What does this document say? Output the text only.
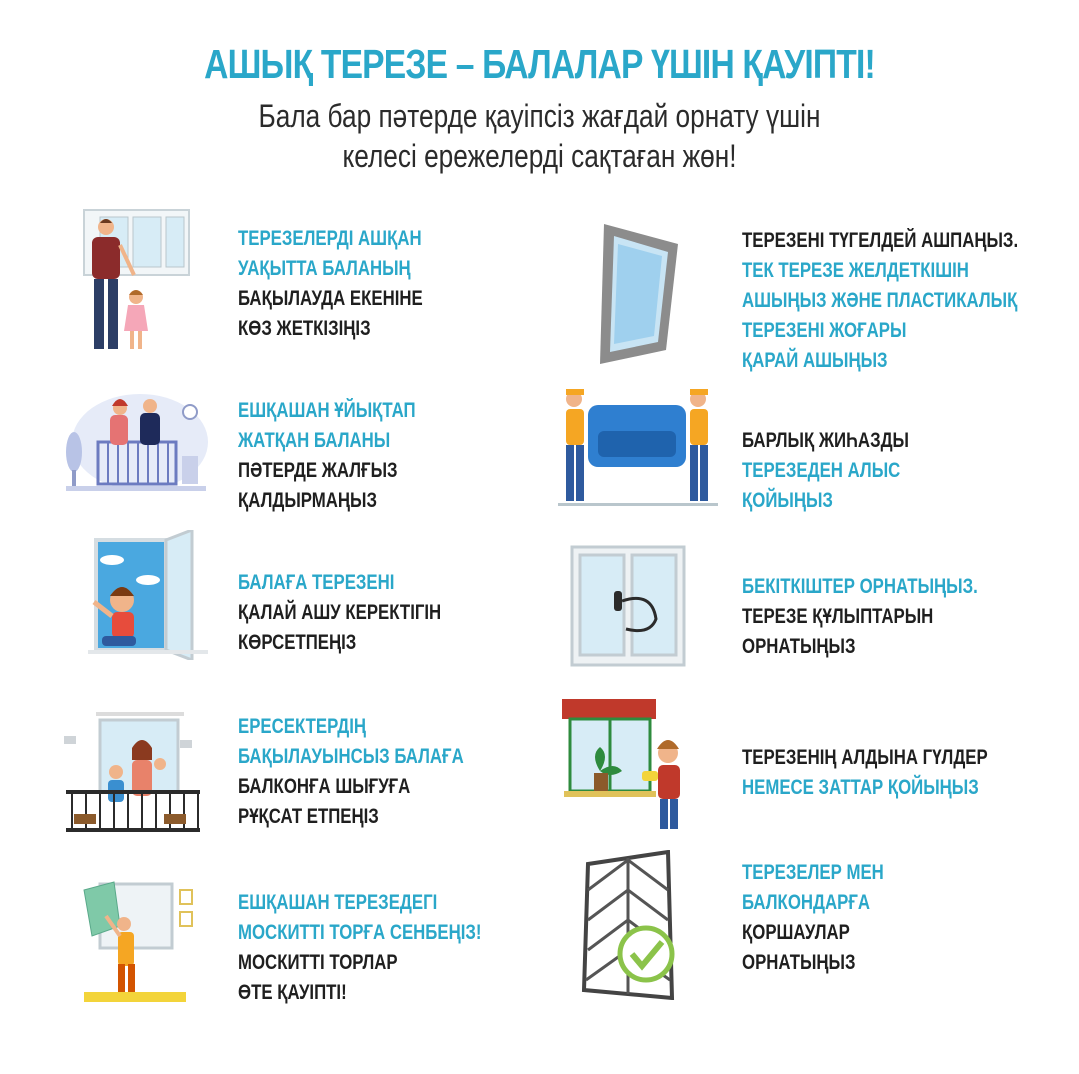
АШЫҚ ТЕРЕЗЕ – БАЛАЛАР ҮШІН ҚАУІПТІ!
Бала бар пәтерде қауіпсіз жағдай орнату үшін
келесі ережелерді сақтаған жөн!
ТЕРЕЗЕЛЕРДІ АШҚАН
УАҚЫТТА БАЛАНЫҢ
БАҚЫЛАУДА ЕКЕНІНЕ
КӨЗ ЖЕТКІЗІҢІЗ
ЕШҚАШАН ҰЙЫҚТАП
ЖАТҚАН БАЛАНЫ
ПӘТЕРДЕ ЖАЛҒЫЗ
ҚАЛДЫРМАҢЫЗ
БАЛАҒА ТЕРЕЗЕНІ
ҚАЛАЙ АШУ КЕРЕКТІГІН
КӨРСЕТПЕҢІЗ
ЕРЕСЕКТЕРДІҢ
БАҚЫЛАУЫНСЫЗ БАЛАҒА
БАЛКОНҒА ШЫҒУҒА
РҰҚСАТ ЕТПЕҢІЗ
ЕШҚАШАН ТЕРЕЗЕДЕГІ
МОСКИТТІ ТОРҒА СЕНБЕҢІЗ!
МОСКИТТІ ТОРЛАР
ӨТЕ ҚАУІПТІ!
ТЕРЕЗЕНІ ТҮГЕЛДЕЙ АШПАҢЫЗ.
ТЕК ТЕРЕЗЕ ЖЕЛДЕТКІШІН
АШЫҢЫЗ ЖӘНЕ ПЛАСТИКАЛЫҚ
ТЕРЕЗЕНІ ЖОҒАРЫ
ҚАРАЙ АШЫҢЫЗ
БАРЛЫҚ ЖИҺАЗДЫ
ТЕРЕЗЕДЕН АЛЫС
ҚОЙЫҢЫЗ
БЕКІТКІШТЕР ОРНАТЫҢЫЗ.
ТЕРЕЗЕ ҚҰЛЫПТАРЫН
ОРНАТЫҢЫЗ
ТЕРЕЗЕНІҢ АЛДЫНА ГҮЛДЕР
НЕМЕСЕ ЗАТТАР ҚОЙЫҢЫЗ
ТЕРЕЗЕЛЕР МЕН
БАЛКОНДАРҒА
ҚОРШАУЛАР
ОРНАТЫҢЫЗ
